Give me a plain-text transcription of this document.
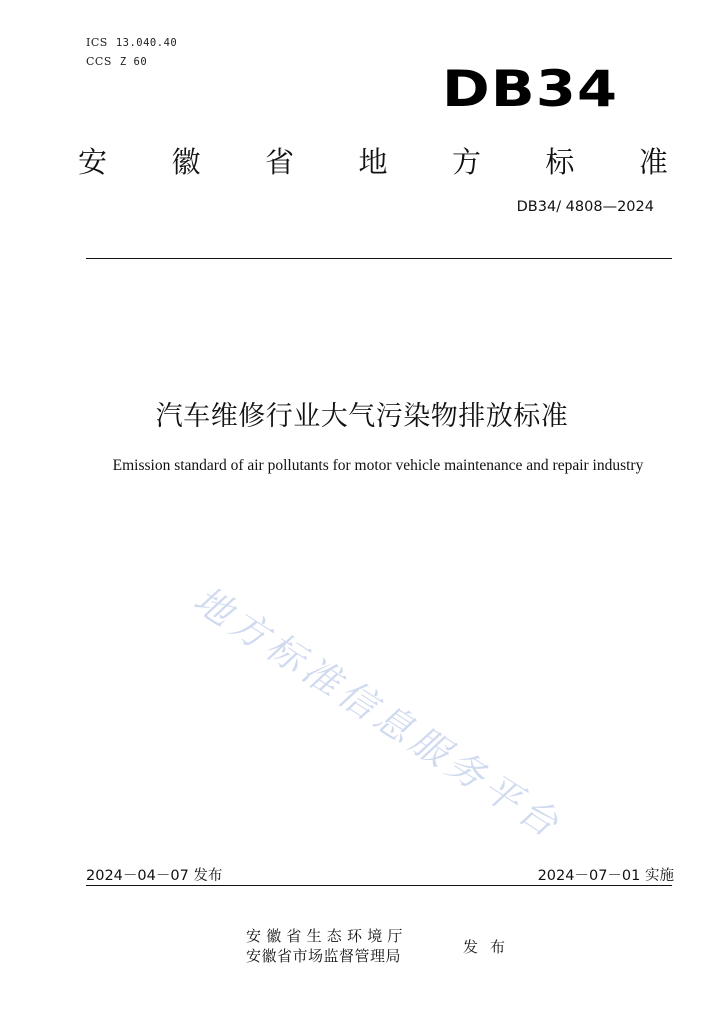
ICS 13.040.40
CCS Z 60	DB34
安 徽 省 地 方 标 准
DB34/ 4808—2024
汽车维修行业大气污染物排放标准
Emission standard of air pollutants for motor vehicle maintenance and repair industry
地方标准信息服务平台
2024－04－07 发布	2024－07－01 实施
安徽省生态环境厅
安徽省市场监督管理局	发布
